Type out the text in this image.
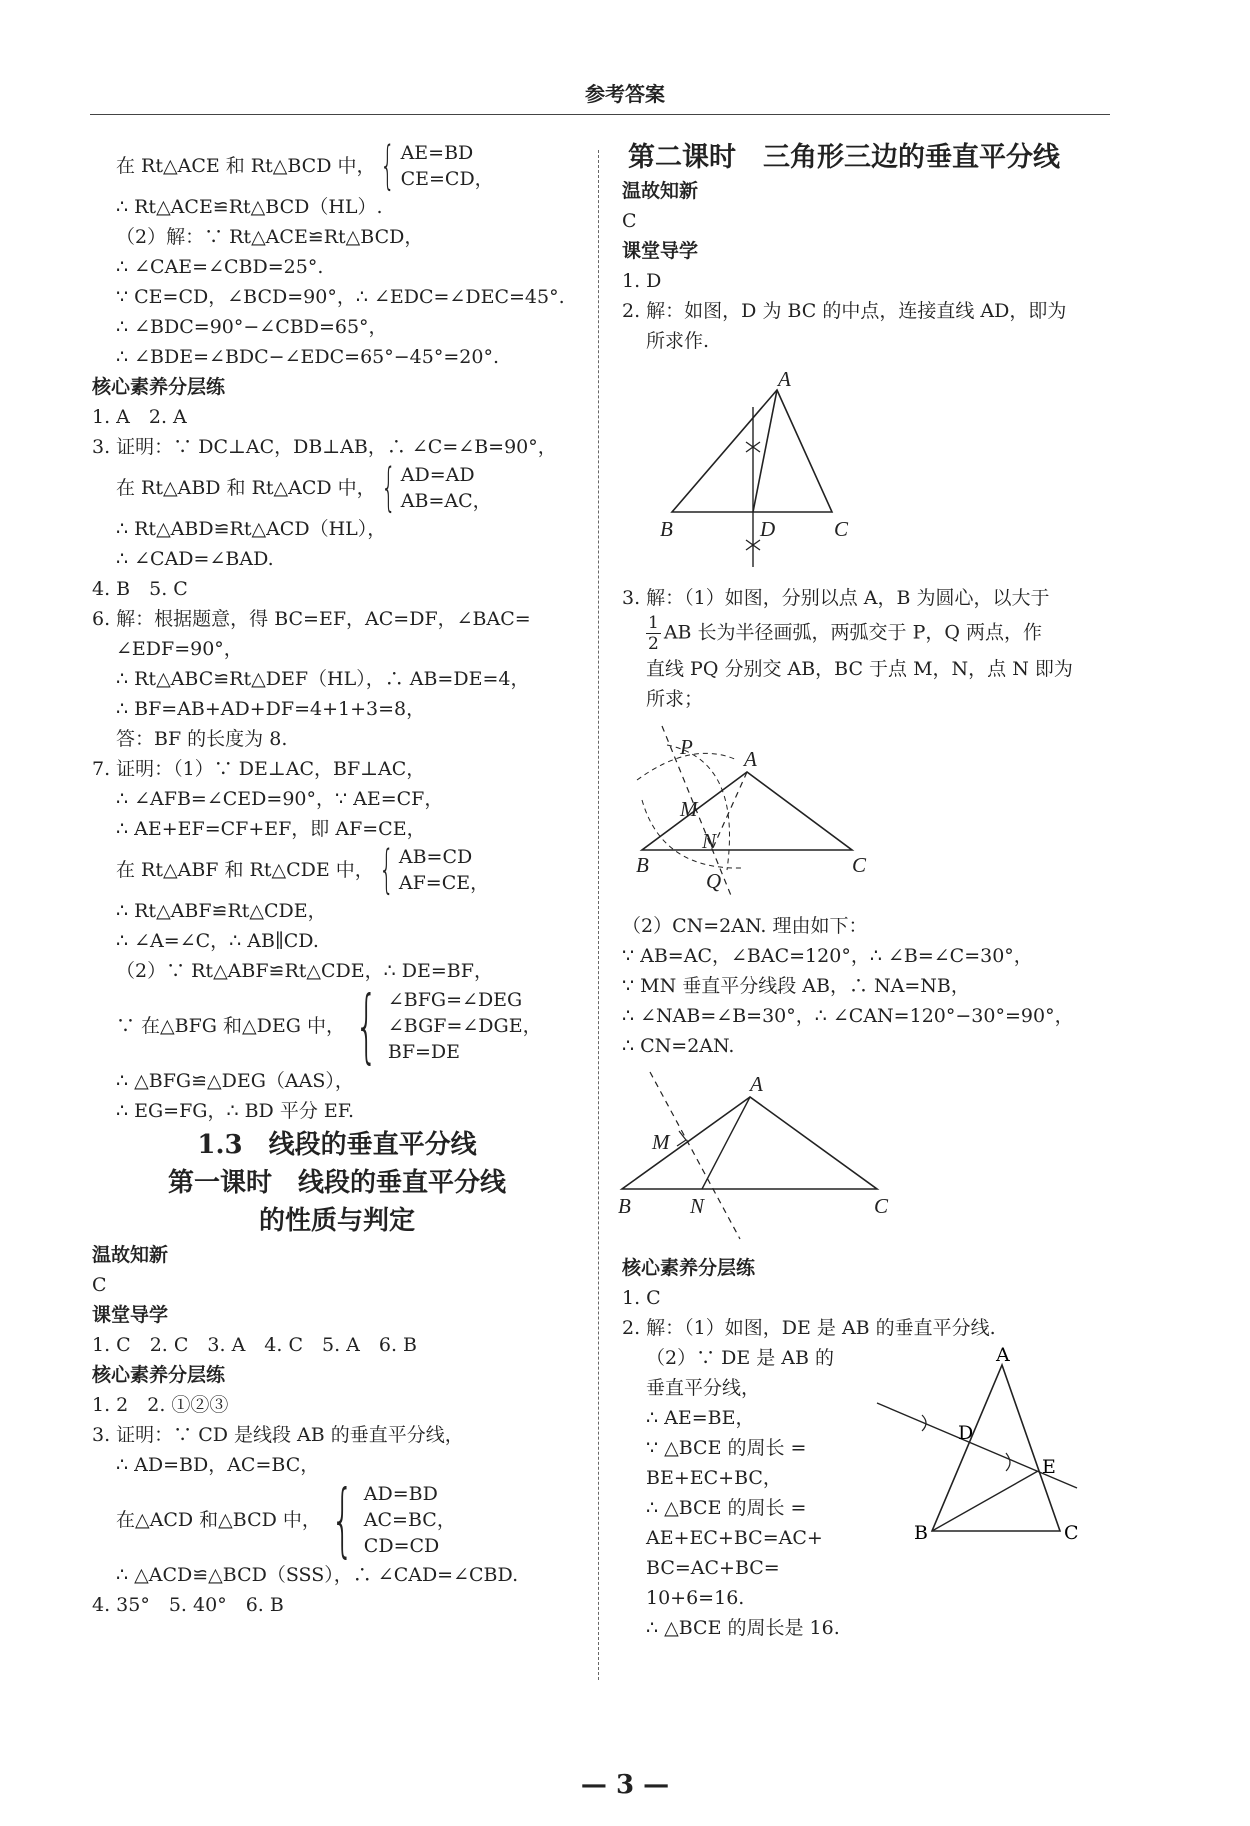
参考答案
在 Rt△ACE 和 Rt△BCD 中， { AE=BD
CE=CD，
∴ Rt△ACE≌Rt△BCD（HL）.
（2）解：∵ Rt△ACE≌Rt△BCD，
∴ ∠CAE=∠CBD=25°.
∵ CE=CD，∠BCD=90°，∴ ∠EDC=∠DEC=45°.
∴ ∠BDC=90°−∠CBD=65°，
∴ ∠BDE=∠BDC−∠EDC=65°−45°=20°.
核心素养分层练
1. A　2. A
3. 证明：∵ DC⊥AC，DB⊥AB，∴ ∠C=∠B=90°，
在 Rt△ABD 和 Rt△ACD 中， { AD=AD
AB=AC，
∴ Rt△ABD≌Rt△ACD（HL），
∴ ∠CAD=∠BAD.
4. B　5. C
6. 解：根据题意，得 BC=EF，AC=DF，∠BAC=
∠EDF=90°，
∴ Rt△ABC≌Rt△DEF（HL），∴ AB=DE=4，
∴ BF=AB+AD+DF=4+1+3=8，
答：BF 的长度为 8.
7. 证明：（1）∵ DE⊥AC，BF⊥AC，
∴ ∠AFB=∠CED=90°，∵ AE=CF，
∴ AE+EF=CF+EF，即 AF=CE，
在 Rt△ABF 和 Rt△CDE 中， { AB=CD
AF=CE，
∴ Rt△ABF≌Rt△CDE，
∴ ∠A=∠C，∴ AB∥CD.
（2）∵ Rt△ABF≌Rt△CDE，∴ DE=BF，
∵ 在△BFG 和△DEG 中， { ∠BFG=∠DEG
∠BGF=∠DGE，
BF=DE
∴ △BFG≌△DEG（AAS），
∴ EG=FG，∴ BD 平分 EF.
1.3　线段的垂直平分线
第一课时　线段的垂直平分线
的性质与判定
温故知新
C
课堂导学
1. C　2. C　3. A　4. C　5. A　6. B
核心素养分层练
1. 2　2. ①②③
3. 证明：∵ CD 是线段 AB 的垂直平分线，
∴ AD=BD，AC=BC，
在△ACD 和△BCD 中， { AD=BD
AC=BC，
CD=CD
∴ △ACD≌△BCD（SSS），∴ ∠CAD=∠CBD.
4. 35°　5. 40°　6. B
第二课时　三角形三边的垂直平分线
温故知新
C
课堂导学
1. D
2. 解：如图，D 为 BC 的中点，连接直线 AD，即为
所求作.
A
B	D	C
3. 解：（1）如图，分别以点 A，B 为圆心，以大于
$\frac{1}{2}$ AB 长为半径画弧，两弧交于 P，Q 两点，作
直线 PQ 分别交 AB，BC 于点 M，N，点 N 即为
所求；
P A
M
N
B	C
Q
（2）CN=2AN. 理由如下：
∵ AB=AC，∠BAC=120°，∴ ∠B=∠C=30°，
∵ MN 垂直平分线段 AB，∴ NA=NB，
∴ ∠NAB=∠B=30°，∴ ∠CAN=120°−30°=90°，
∴ CN=2AN.
A
M
B	N	C
核心素养分层练
1. C
2. 解：（1）如图，DE 是 AB 的垂直平分线.
（2）∵ DE 是 AB 的
垂直平分线，
∴ AE=BE，
∵ △BCE 的周长 =
BE+EC+BC，
∴ △BCE 的周长 =
AE+EC+BC=AC+
BC=AC+BC=
10+6=16.
∴ △BCE 的周长是 16.
A
D
E
B	C
— 3 —
